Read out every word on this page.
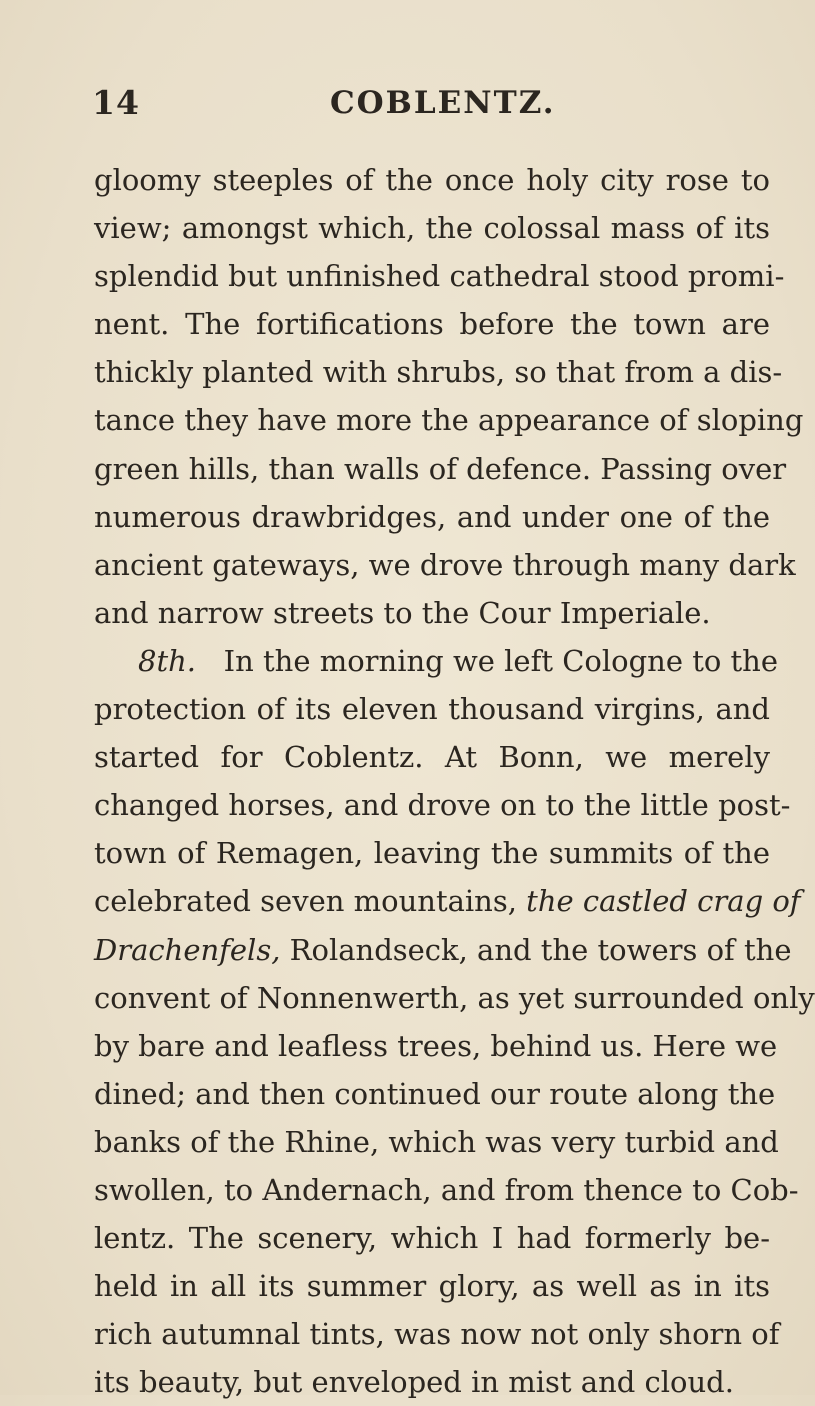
14	COBLENTZ.
gloomy steeples of the once holy city rose to
view; amongst which, the colossal mass of its
splendid but unfinished cathedral stood promi-
nent. The fortifications before the town are
thickly planted with shrubs, so that from a dis-
tance they have more the appearance of sloping
green hills, than walls of defence. Passing over
numerous drawbridges, and under one of the
ancient gateways, we drove through many dark
and narrow streets to the Cour Imperiale.
8th. In the morning we left Cologne to the
protection of its eleven thousand virgins, and
started for Coblentz. At Bonn, we merely
changed horses, and drove on to the little post-
town of Remagen, leaving the summits of the
celebrated seven mountains, the castled crag of
Drachenfels, Rolandseck, and the towers of the
convent of Nonnenwerth, as yet surrounded only
by bare and leafless trees, behind us. Here we
dined; and then continued our route along the
banks of the Rhine, which was very turbid and
swollen, to Andernach, and from thence to Cob-
lentz. The scenery, which I had formerly be-
held in all its summer glory, as well as in its
rich autumnal tints, was now not only shorn of
its beauty, but enveloped in mist and cloud.
